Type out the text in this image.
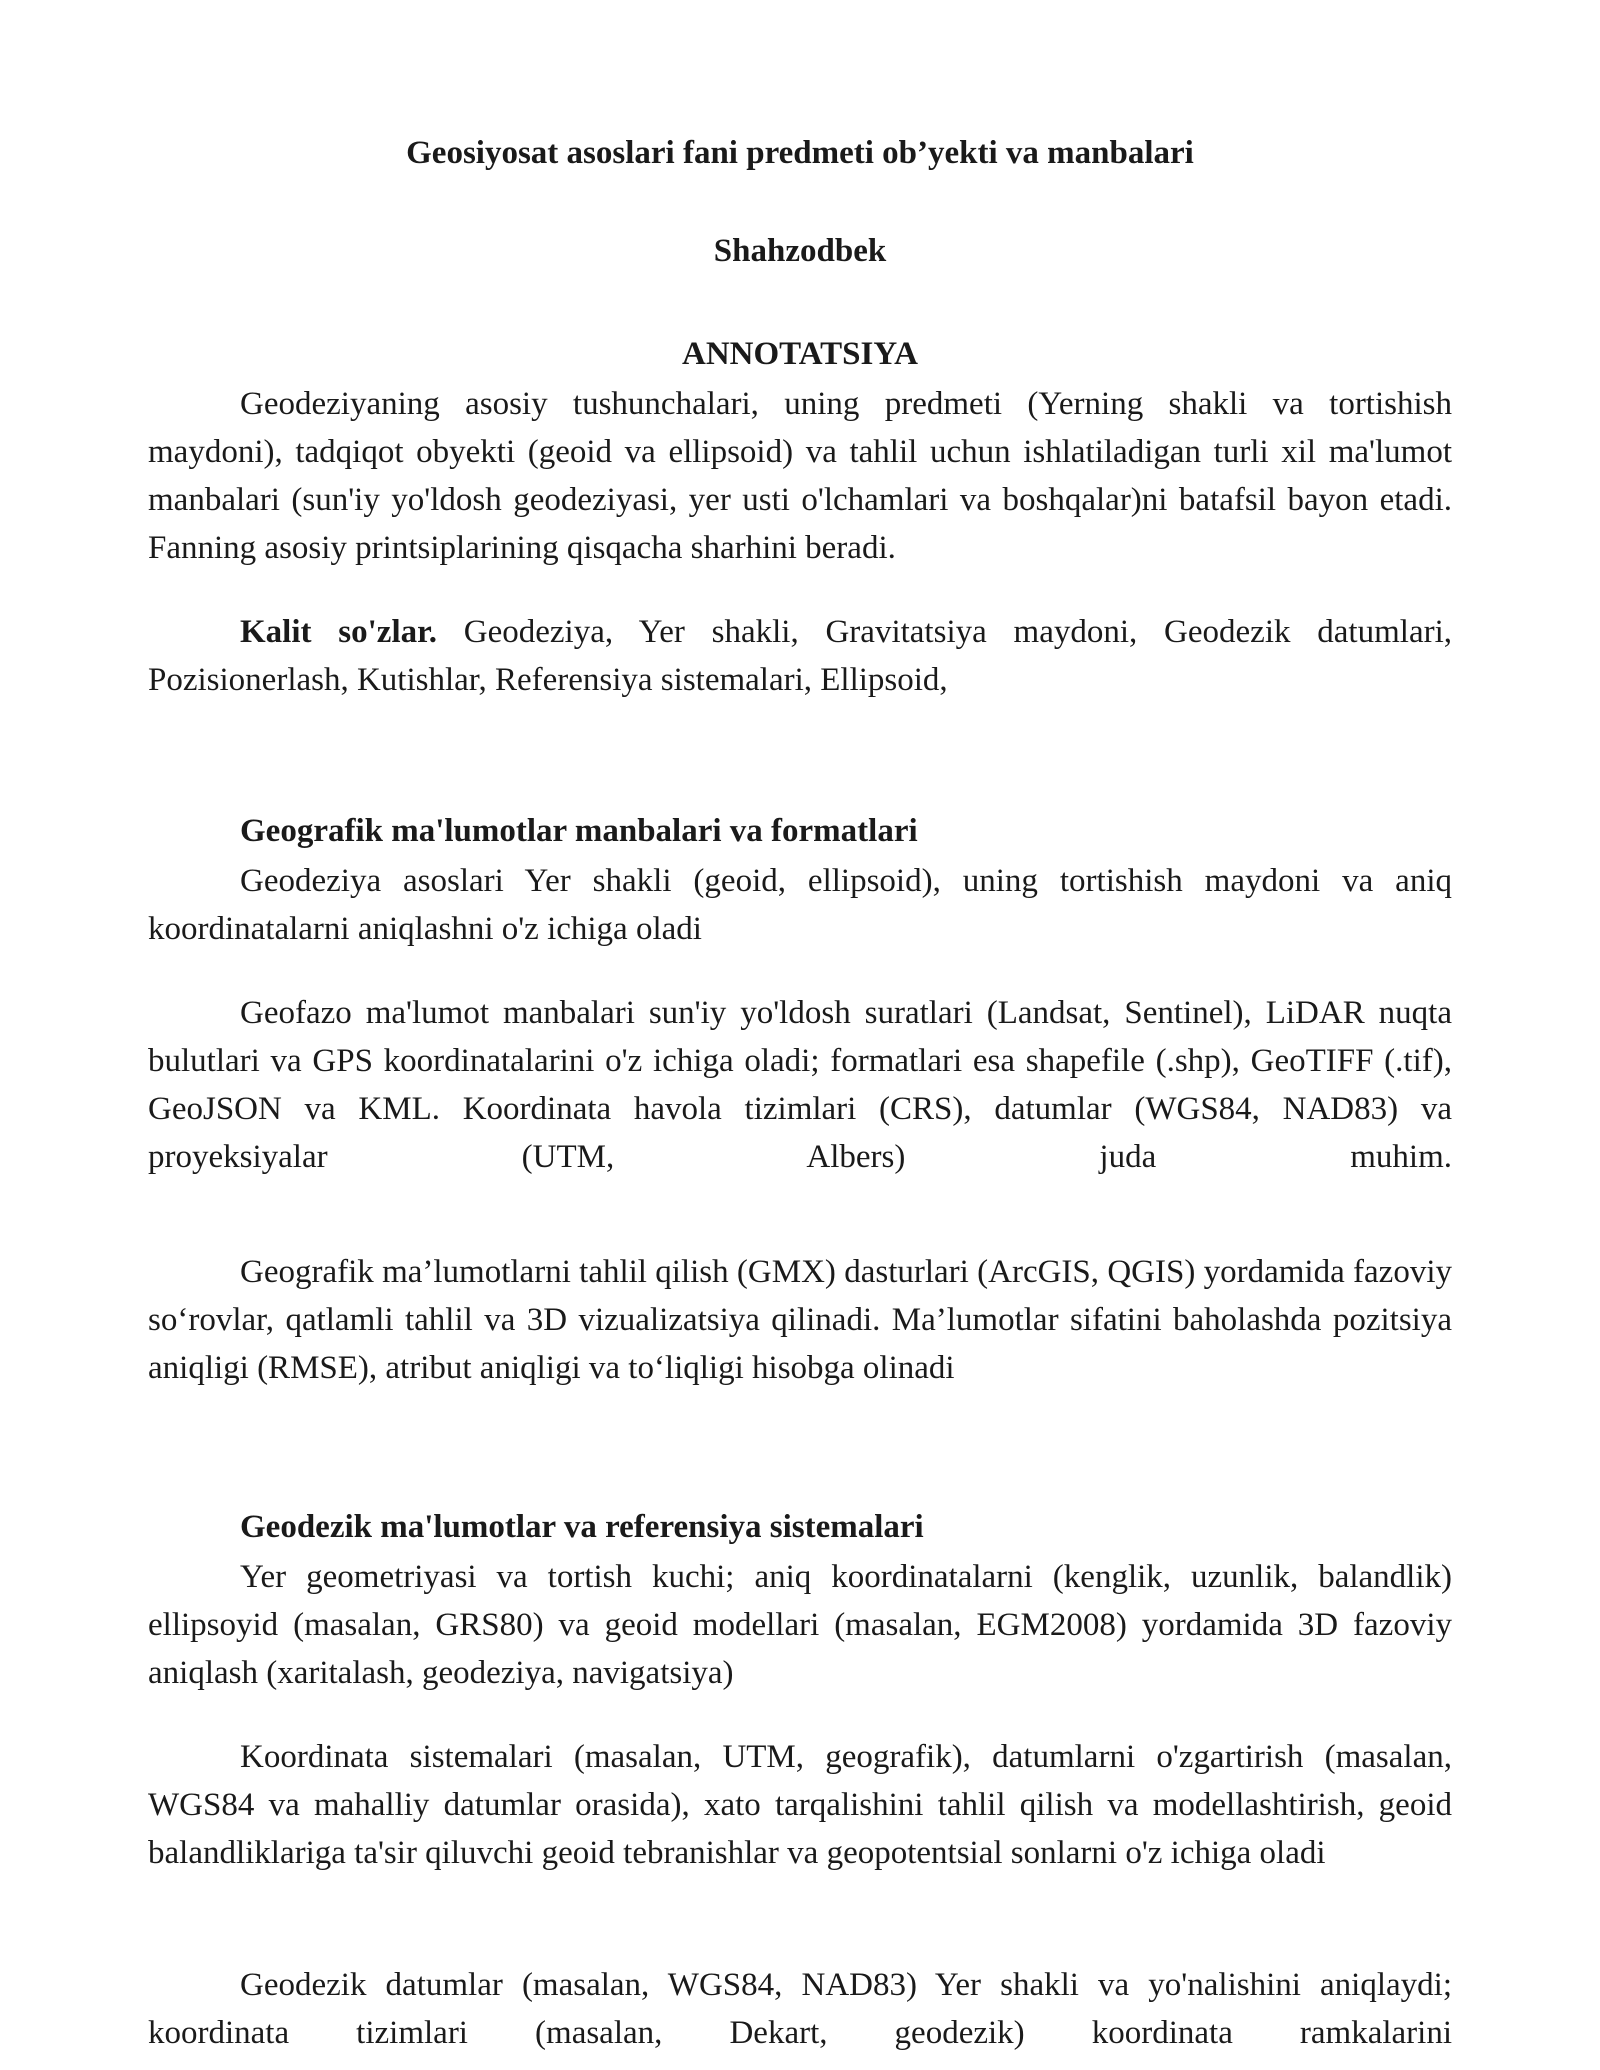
Geosiyosat asoslari fani predmeti ob’yekti va manbalari

Shahzodbek

ANNOTATSIYA

Geodeziyaning asosiy tushunchalari, uning predmeti (Yerning shakli va tortishish maydoni), tadqiqot obyekti (geoid va ellipsoid) va tahlil uchun ishlatiladigan turli xil ma'lumot manbalari (sun'iy yo'ldosh geodeziyasi, yer usti o'lchamlari va boshqalar)ni batafsil bayon etadi. Fanning asosiy printsiplarining qisqacha sharhini beradi.

Kalit so'zlar. Geodeziya, Yer shakli, Gravitatsiya maydoni, Geodezik datumlari, Pozisionerlash, Kutishlar, Referensiya sistemalari, Ellipsoid,

Geografik ma'lumotlar manbalari va formatlari

Geodeziya asoslari Yer shakli (geoid, ellipsoid), uning tortishish maydoni va aniq koordinatalarni aniqlashni o'z ichiga oladi

Geofazo ma'lumot manbalari sun'iy yo'ldosh suratlari (Landsat, Sentinel), LiDAR nuqta bulutlari va GPS koordinatalarini o'z ichiga oladi; formatlari esa shapefile (.shp), GeoTIFF (.tif), GeoJSON va KML. Koordinata havola tizimlari (CRS), datumlar (WGS84, NAD83) va proyeksiyalar (UTM, Albers) juda muhim.

Geografik ma’lumotlarni tahlil qilish (GMX) dasturlari (ArcGIS, QGIS) yordamida fazoviy so‘rovlar, qatlamli tahlil va 3D vizualizatsiya qilinadi. Ma’lumotlar sifatini baholashda pozitsiya aniqligi (RMSE), atribut aniqligi va to‘liqligi hisobga olinadi

Geodezik ma'lumotlar va referensiya sistemalari

Yer geometriyasi va tortish kuchi; aniq koordinatalarni (kenglik, uzunlik, balandlik) ellipsoyid (masalan, GRS80) va geoid modellari (masalan, EGM2008) yordamida 3D fazoviy aniqlash (xaritalash, geodeziya, navigatsiya)

Koordinata sistemalari (masalan, UTM, geografik), datumlarni o'zgartirish (masalan, WGS84 va mahalliy datumlar orasida), xato tarqalishini tahlil qilish va modellashtirish, geoid balandliklariga ta'sir qiluvchi geoid tebranishlar va geopotentsial sonlarni o'z ichiga oladi

Geodezik datumlar (masalan, WGS84, NAD83) Yer shakli va yo'nalishini aniqlaydi; koordinata tizimlari (masalan, Dekart, geodezik) koordinata ramkalarini
